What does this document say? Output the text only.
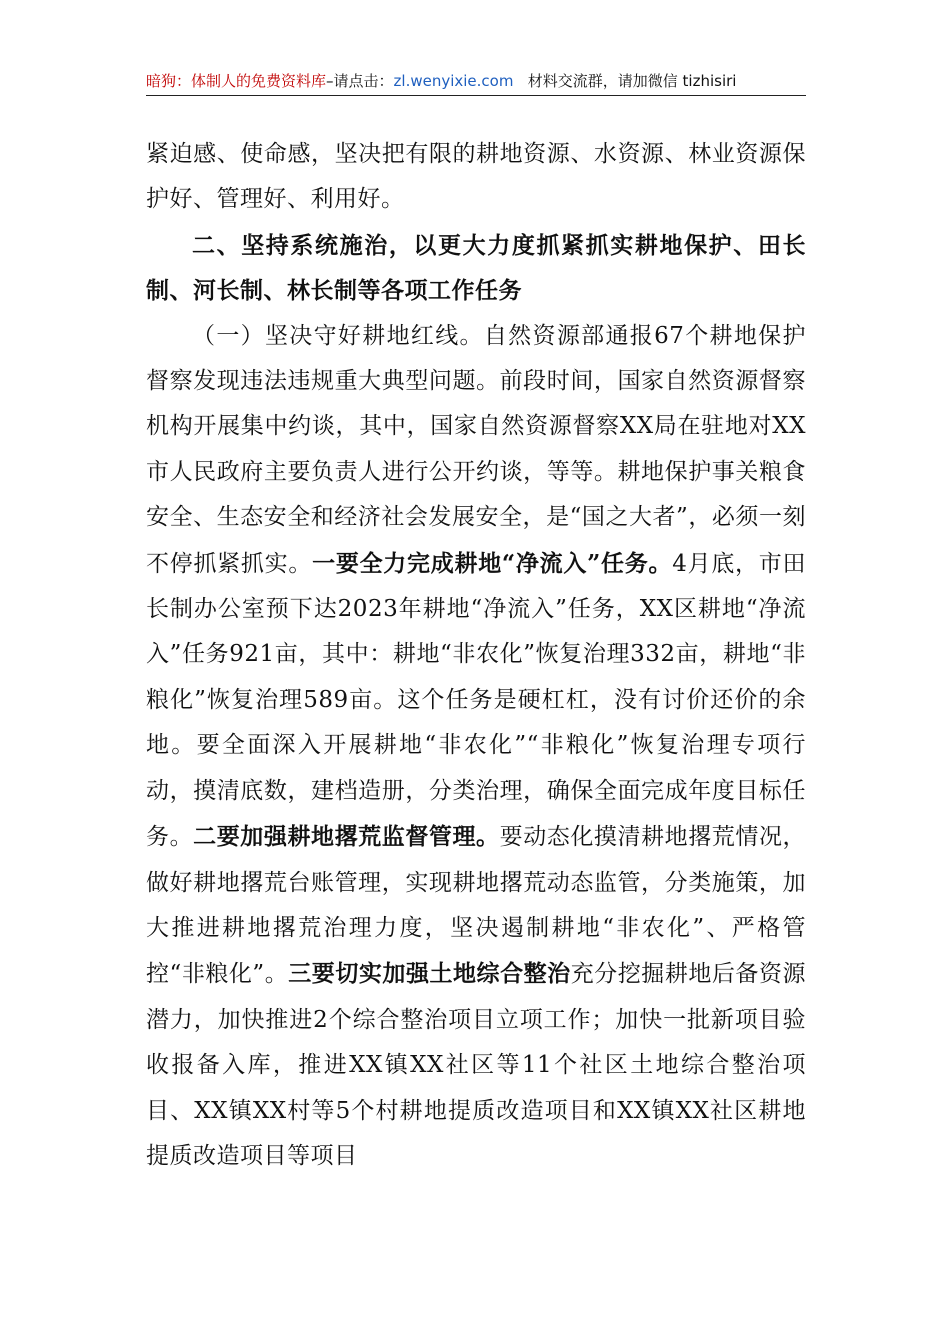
暗狗：体制人的免费资料库–请点击：zl.wenyixie.com 材料交流群，请加微信 tizhisiri

紧迫感、使命感，坚决把有限的耕地资源、水资源、林业资源保护好、管理好、利用好。

二、坚持系统施治，以更大力度抓紧抓实耕地保护、田长制、河长制、林长制等各项工作任务

（一）坚决守好耕地红线。自然资源部通报67个耕地保护督察发现违法违规重大典型问题。前段时间，国家自然资源督察机构开展集中约谈，其中，国家自然资源督察XX局在驻地对XX市人民政府主要负责人进行公开约谈，等等。耕地保护事关粮食安全、生态安全和经济社会发展安全，是“国之大者”，必须一刻不停抓紧抓实。一要全力完成耕地“净流入”任务。4月底，市田长制办公室预下达2023年耕地“净流入”任务，XX区耕地“净流入”任务921亩，其中：耕地“非农化”恢复治理332亩，耕地“非粮化”恢复治理589亩。这个任务是硬杠杠，没有讨价还价的余地。要全面深入开展耕地“非农化”“非粮化”恢复治理专项行动，摸清底数，建档造册，分类治理，确保全面完成年度目标任务。二要加强耕地撂荒监督管理。要动态化摸清耕地撂荒情况，做好耕地撂荒台账管理，实现耕地撂荒动态监管，分类施策，加大推进耕地撂荒治理力度，坚决遏制耕地“非农化”、严格管控“非粮化”。三要切实加强土地综合整治充分挖掘耕地后备资源潜力，加快推进2个综合整治项目立项工作；加快一批新项目验收报备入库，推进XX镇XX社区等11个社区土地综合整治项目、XX镇XX村等5个村耕地提质改造项目和XX镇XX社区耕地提质改造项目等项目
